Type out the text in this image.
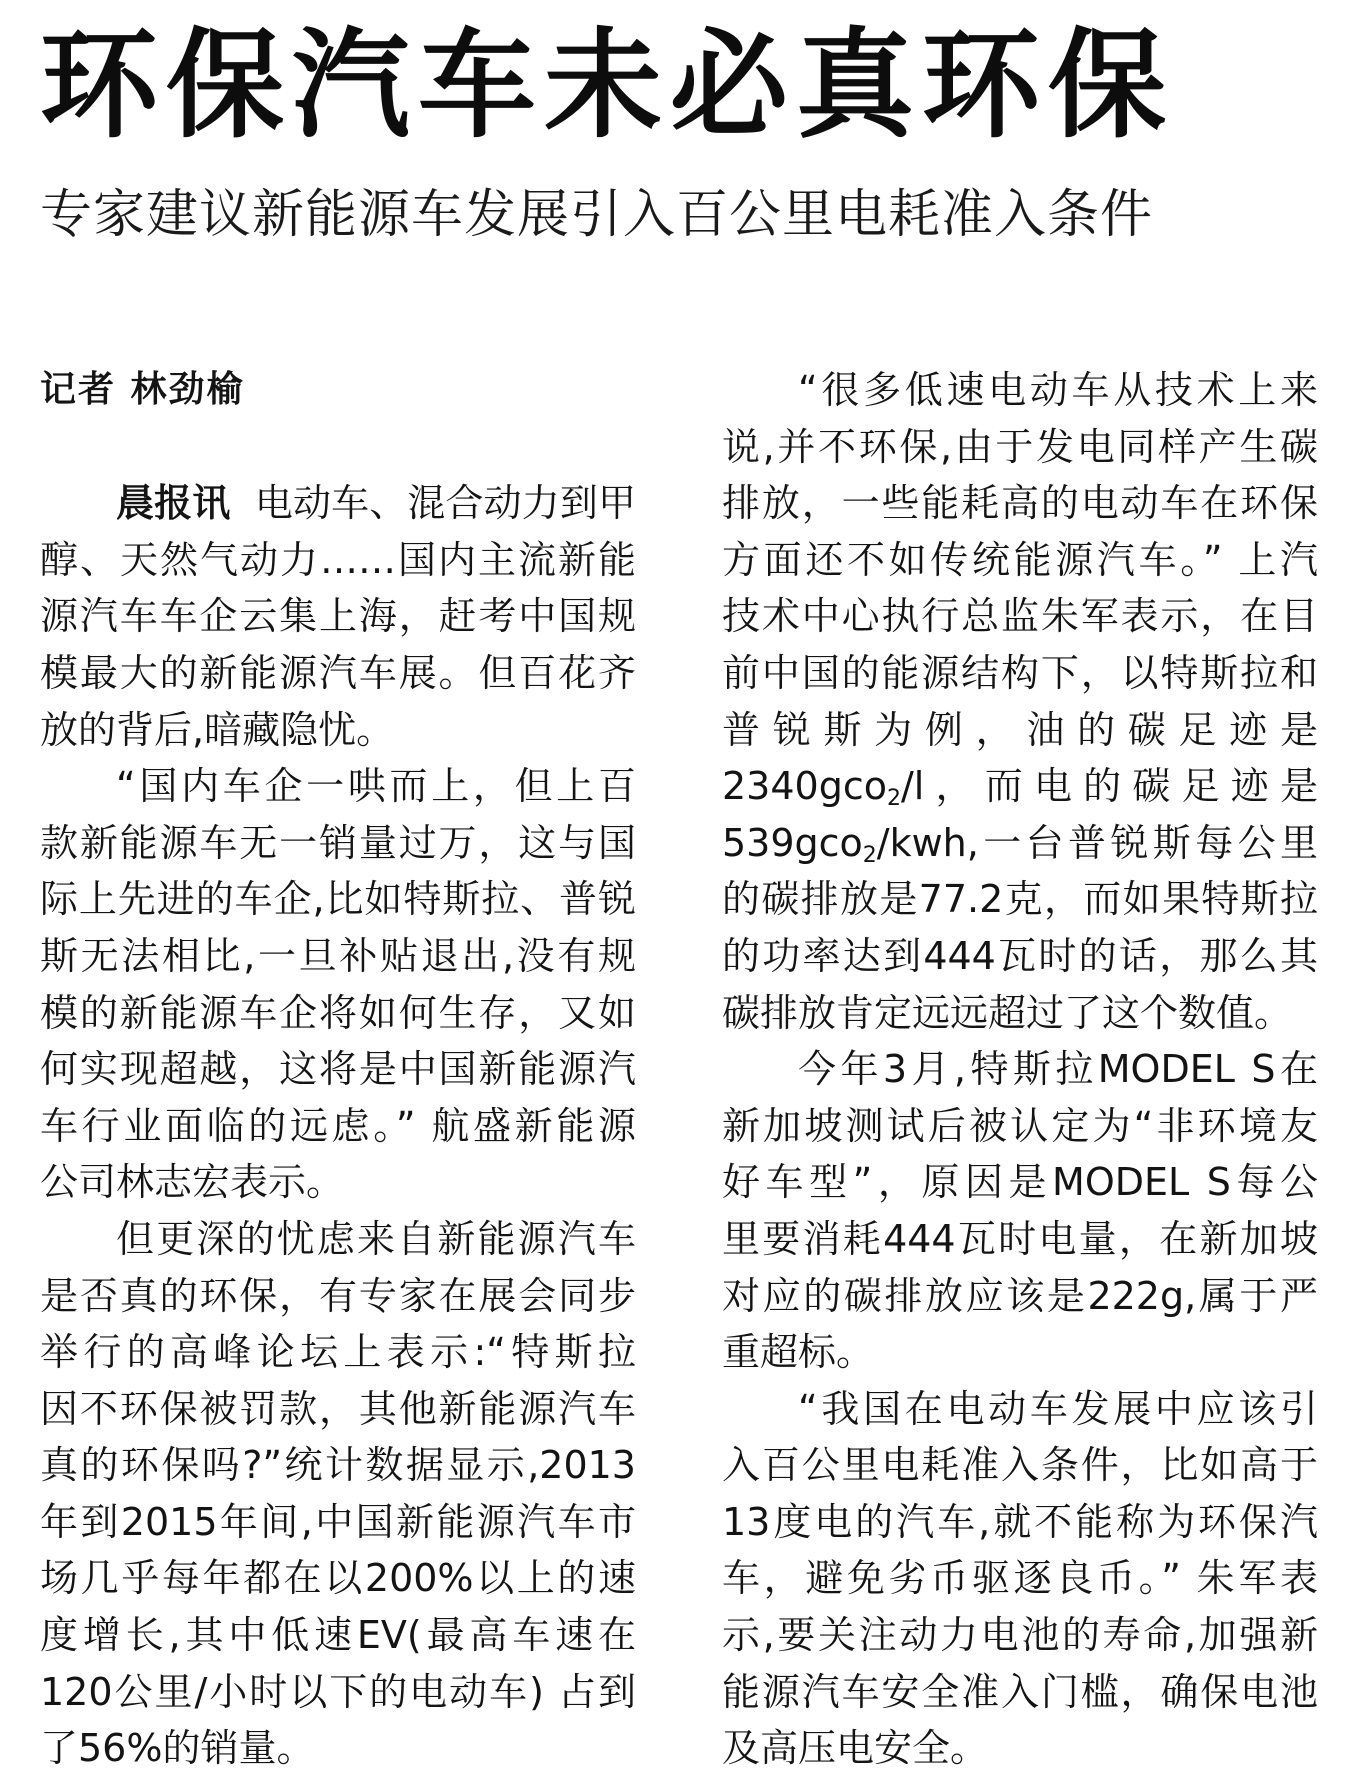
环保汽车未必真环保
专家建议新能源车发展引入百公里电耗准入条件

记者 林劲榆

晨报讯 电动车、混合动力到甲

醇、天然气动力……国内主流新能

源汽车车企云集上海，赶考中国规

模最大的新能源汽车展。但百花齐

放的背后,暗藏隐忧。

“国内车企一哄而上，但上百

款新能源车无一销量过万，这与国

际上先进的车企,比如特斯拉、普锐

斯无法相比,一旦补贴退出,没有规

模的新能源车企将如何生存，又如

何实现超越，这将是中国新能源汽

车行业面临的远虑。” 航盛新能源

公司林志宏表示。

但更深的忧虑来自新能源汽车

是否真的环保，有专家在展会同步

举行的高峰论坛上表示:“特斯拉

因不环保被罚款，其他新能源汽车

真的环保吗?”统计数据显示,2013

年到2015年间,中国新能源汽车市

场几乎每年都在以200%以上的速

度增长,其中低速EV(最高车速在

120公里/小时以下的电动车) 占到

了56%的销量。

“很多低速电动车从技术上来

说,并不环保,由于发电同样产生碳

排放，一些能耗高的电动车在环保

方面还不如传统能源汽车。” 上汽

技术中心执行总监朱军表示，在目

前中国的能源结构下，以特斯拉和

普锐斯为例，油的碳足迹是

2340gco$_2$/l，而电的碳足迹是

539gco$_2$/kwh,一台普锐斯每公里

的碳排放是77.2克，而如果特斯拉

的功率达到444瓦时的话，那么其

碳排放肯定远远超过了这个数值。

今年3月,特斯拉MODEL S在

新加坡测试后被认定为“非环境友

好车型”，原因是MODEL S每公

里要消耗444瓦时电量，在新加坡

对应的碳排放应该是222g,属于严

重超标。

“我国在电动车发展中应该引

入百公里电耗准入条件，比如高于

13度电的汽车,就不能称为环保汽

车，避免劣币驱逐良币。” 朱军表

示,要关注动力电池的寿命,加强新

能源汽车安全准入门槛，确保电池

及高压电安全。
